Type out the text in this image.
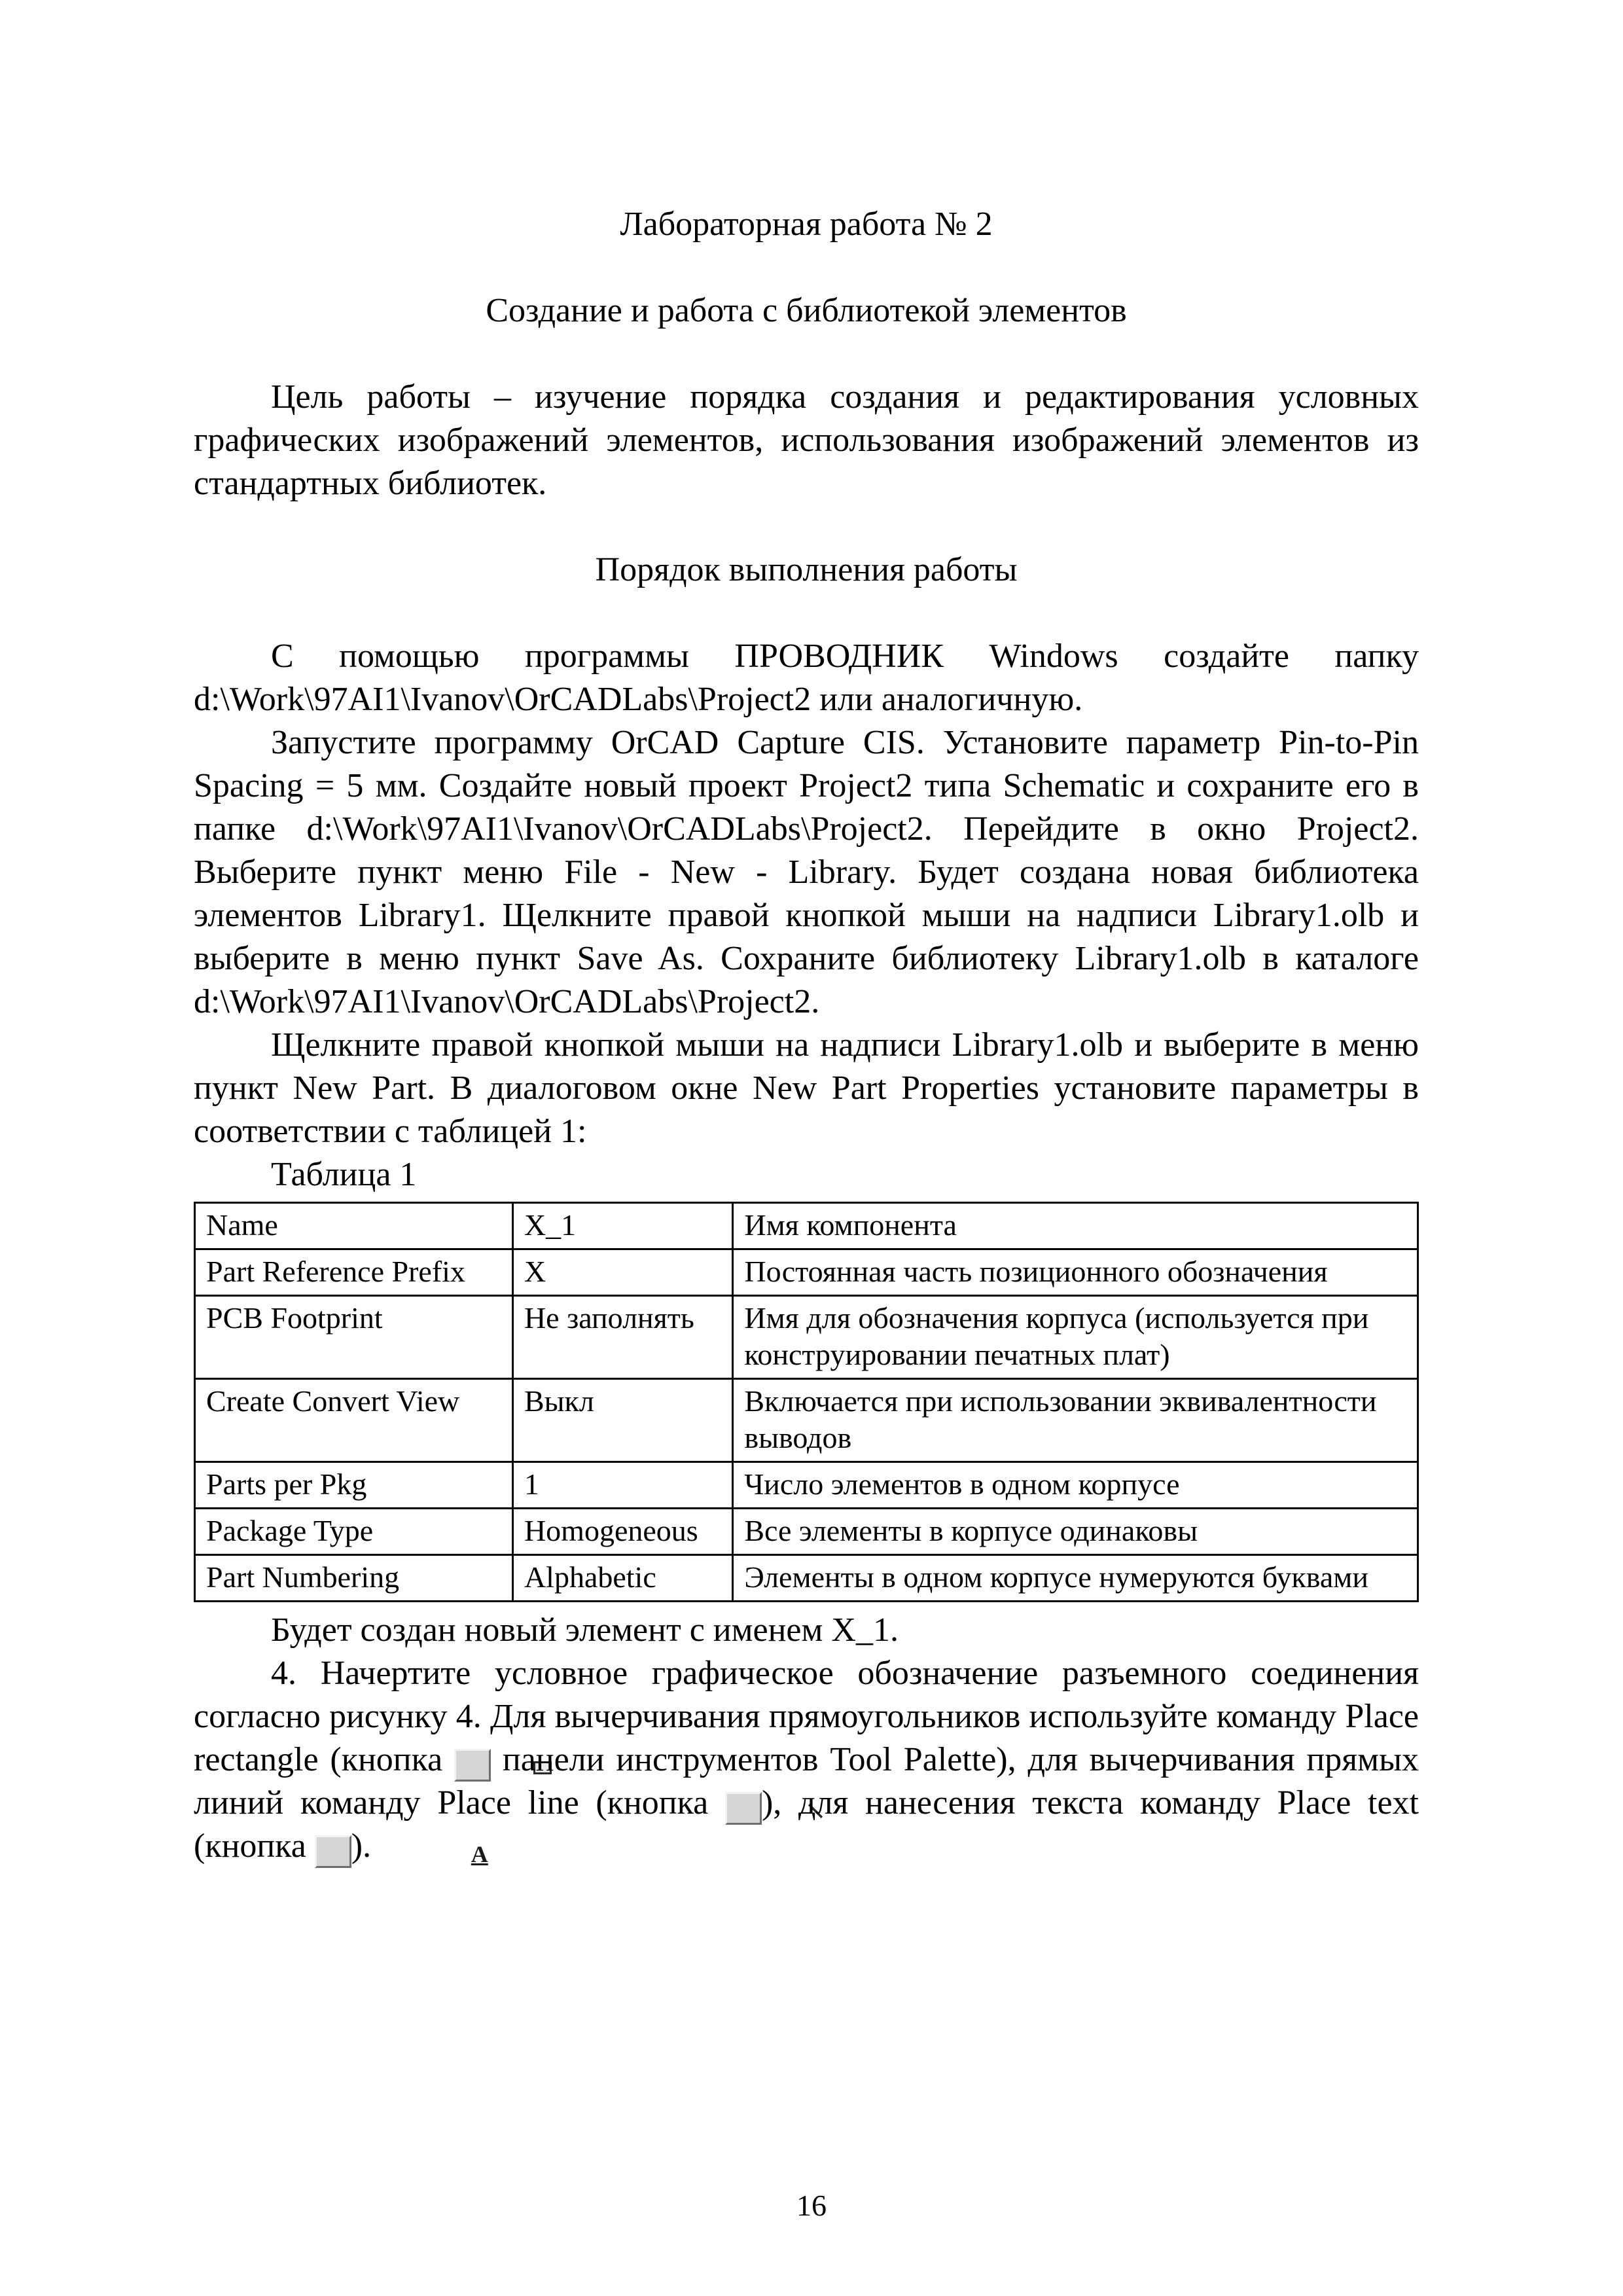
Лабораторная работа № 2
Создание и работа с библиотекой элементов

Цель работы – изучение порядка создания и редактирования условных графических изображений элементов, использования изображений элементов из стандартных библиотек.

Порядок выполнения работы

С помощью программы ПРОВОДНИК Windows создайте папку d:\Work\97AI1\Ivanov\OrCADLabs\Project2 или аналогичную.

Запустите программу OrCAD Capture CIS. Установите параметр Pin-to-Pin Spacing = 5 мм. Создайте новый проект Project2 типа Schematic и сохраните его в папке d:\Work\97AI1\Ivanov\OrCADLabs\Project2. Перейдите в окно Project2. Выберите пункт меню File - New - Library. Будет создана новая библиотека элементов Library1. Щелкните правой кнопкой мыши на надписи Library1.olb и выберите в меню пункт Save As. Сохраните библиотеку Library1.olb в каталоге d:\Work\97AI1\Ivanov\OrCADLabs\Project2.

Щелкните правой кнопкой мыши на надписи Library1.olb и выберите в меню пункт New Part. В диалоговом окне New Part Properties установите параметры в соответствии с таблицей 1:

Таблица 1

Name	X_1	Имя компонента
Part Reference Prefix	X	Постоянная часть позиционного обозначения
PCB Footprint	Не заполнять	Имя для обозначения корпуса (используется при конструировании печатных плат)
Create Convert View	Выкл	Включается при использовании эквивалентности выводов
Parts per Pkg	1	Число элементов в одном корпусе
Package Type	Homogeneous	Все элементы в корпусе одинаковы
Part Numbering	Alphabetic	Элементы в одном корпусе нумеруются буквами

Будет создан новый элемент с именем X_1.

4. Начертите условное графическое обозначение разъемного соединения согласно рисунку 4. Для вычерчивания прямоугольников используйте команду Place rectangle (кнопка  панели инструментов Tool Palette), для вычерчивания прямых линий команду Place line (кнопка ), для нанесения текста команду Place text (кнопка	A).

16
